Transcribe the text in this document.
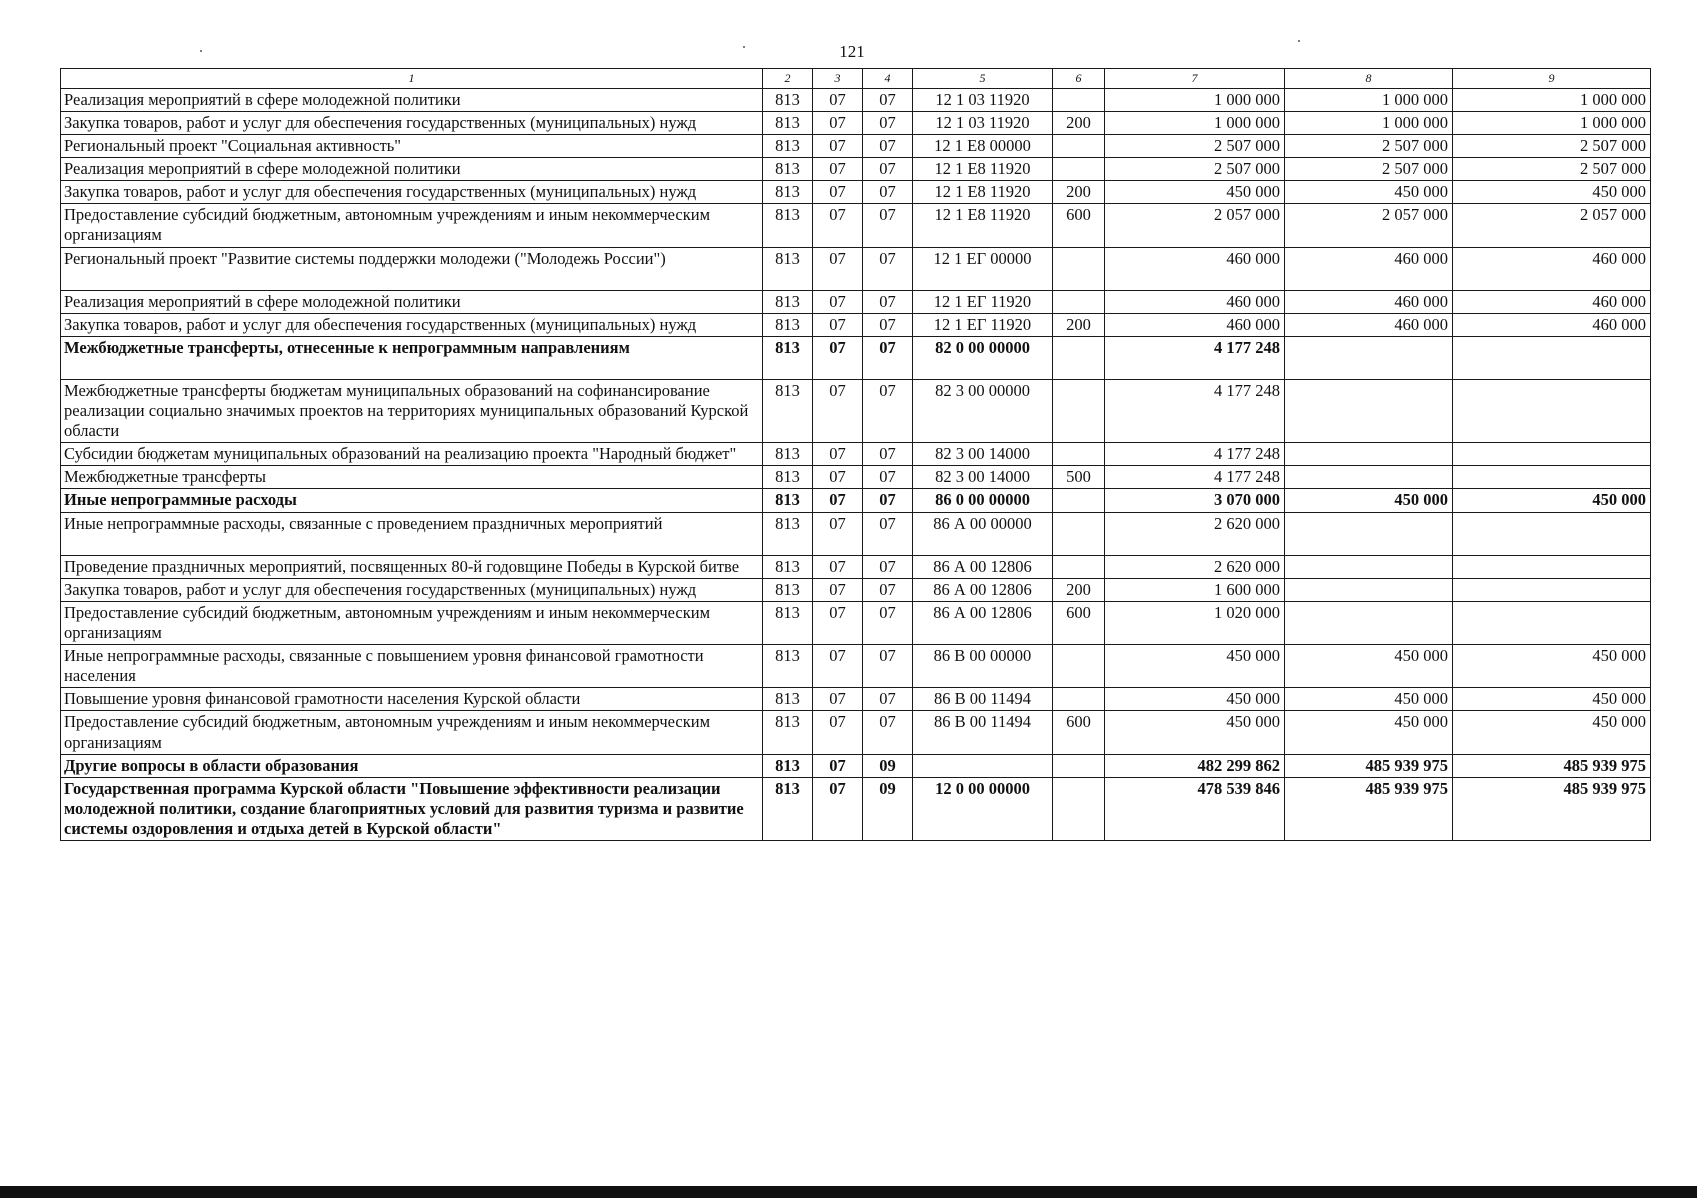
121
1	2	3	4	5	6	7	8	9
Реализация мероприятий в сфере молодежной политики	813	07	07	12 1 03 11920		1 000 000	1 000 000	1 000 000
Закупка товаров, работ и услуг для обеспечения государственных (муниципальных) нужд	813	07	07	12 1 03 11920	200	1 000 000	1 000 000	1 000 000
Региональный проект "Социальная активность"	813	07	07	12 1 Е8 00000		2 507 000	2 507 000	2 507 000
Реализация мероприятий в сфере молодежной политики	813	07	07	12 1 Е8 11920		2 507 000	2 507 000	2 507 000
Закупка товаров, работ и услуг для обеспечения государственных (муниципальных) нужд	813	07	07	12 1 Е8 11920	200	450 000	450 000	450 000
Предоставление субсидий бюджетным, автономным учреждениям и иным некоммерческим организациям	813	07	07	12 1 Е8 11920	600	2 057 000	2 057 000	2 057 000
Региональный проект "Развитие системы поддержки молодежи ("Молодежь России")	813	07	07	12 1 ЕГ 00000		460 000	460 000	460 000
Реализация мероприятий в сфере молодежной политики	813	07	07	12 1 ЕГ 11920		460 000	460 000	460 000
Закупка товаров, работ и услуг для обеспечения государственных (муниципальных) нужд	813	07	07	12 1 ЕГ 11920	200	460 000	460 000	460 000
Межбюджетные трансферты, отнесенные к непрограммным направлениям	813	07	07	82 0 00 00000		4 177 248		
Межбюджетные трансферты бюджетам муниципальных образований на софинансирование реализации социально значимых проектов на территориях муниципальных образований Курской области	813	07	07	82 3 00 00000		4 177 248		
Субсидии бюджетам муниципальных образований на реализацию проекта "Народный бюджет"	813	07	07	82 3 00 14000		4 177 248		
Межбюджетные трансферты	813	07	07	82 3 00 14000	500	4 177 248		
Иные непрограммные расходы	813	07	07	86 0 00 00000		3 070 000	450 000	450 000
Иные непрограммные расходы, связанные с проведением праздничных мероприятий	813	07	07	86 А 00 00000		2 620 000		
Проведение праздничных мероприятий, посвященных 80-й годовщине Победы в Курской битве	813	07	07	86 А 00 12806		2 620 000		
Закупка товаров, работ и услуг для обеспечения государственных (муниципальных) нужд	813	07	07	86 А 00 12806	200	1 600 000		
Предоставление субсидий бюджетным, автономным учреждениям и иным некоммерческим организациям	813	07	07	86 А 00 12806	600	1 020 000		
Иные непрограммные расходы, связанные с повышением уровня финансовой грамотности населения	813	07	07	86 В 00 00000		450 000	450 000	450 000
Повышение уровня финансовой грамотности населения Курской области	813	07	07	86 В 00 11494		450 000	450 000	450 000
Предоставление субсидий бюджетным, автономным учреждениям и иным некоммерческим организациям	813	07	07	86 В 00 11494	600	450 000	450 000	450 000
Другие вопросы в области образования	813	07	09			482 299 862	485 939 975	485 939 975
Государственная программа Курской области "Повышение эффективности реализации молодежной политики, создание благоприятных условий для развития туризма и развитие системы оздоровления и отдыха детей в Курской области"	813	07	09	12 0 00 00000		478 539 846	485 939 975	485 939 975
